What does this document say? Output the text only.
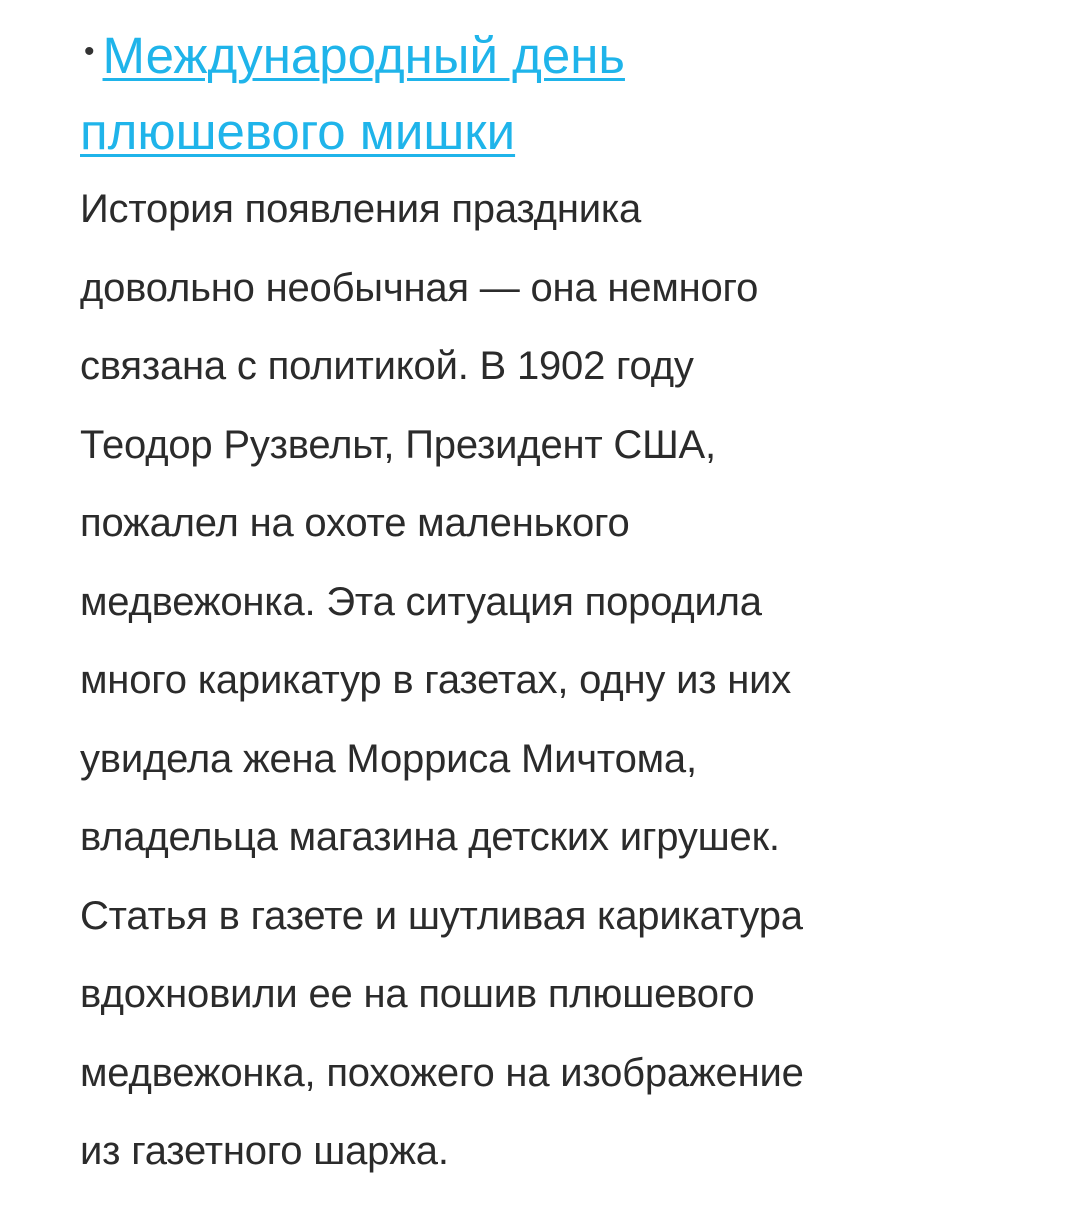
• Международный день
плюшевого мишки
История появления праздника
довольно необычная — она немного
связана с политикой. В 1902 году
Теодор Рузвельт, Президент США,
пожалел на охоте маленького
медвежонка. Эта ситуация породила
много карикатур в газетах, одну из них
увидела жена Морриса Мичтома,
владельца магазина детских игрушек.
Статья в газете и шутливая карикатура
вдохновили ее на пошив плюшевого
медвежонка, похожего на изображение
из газетного шаржа.
